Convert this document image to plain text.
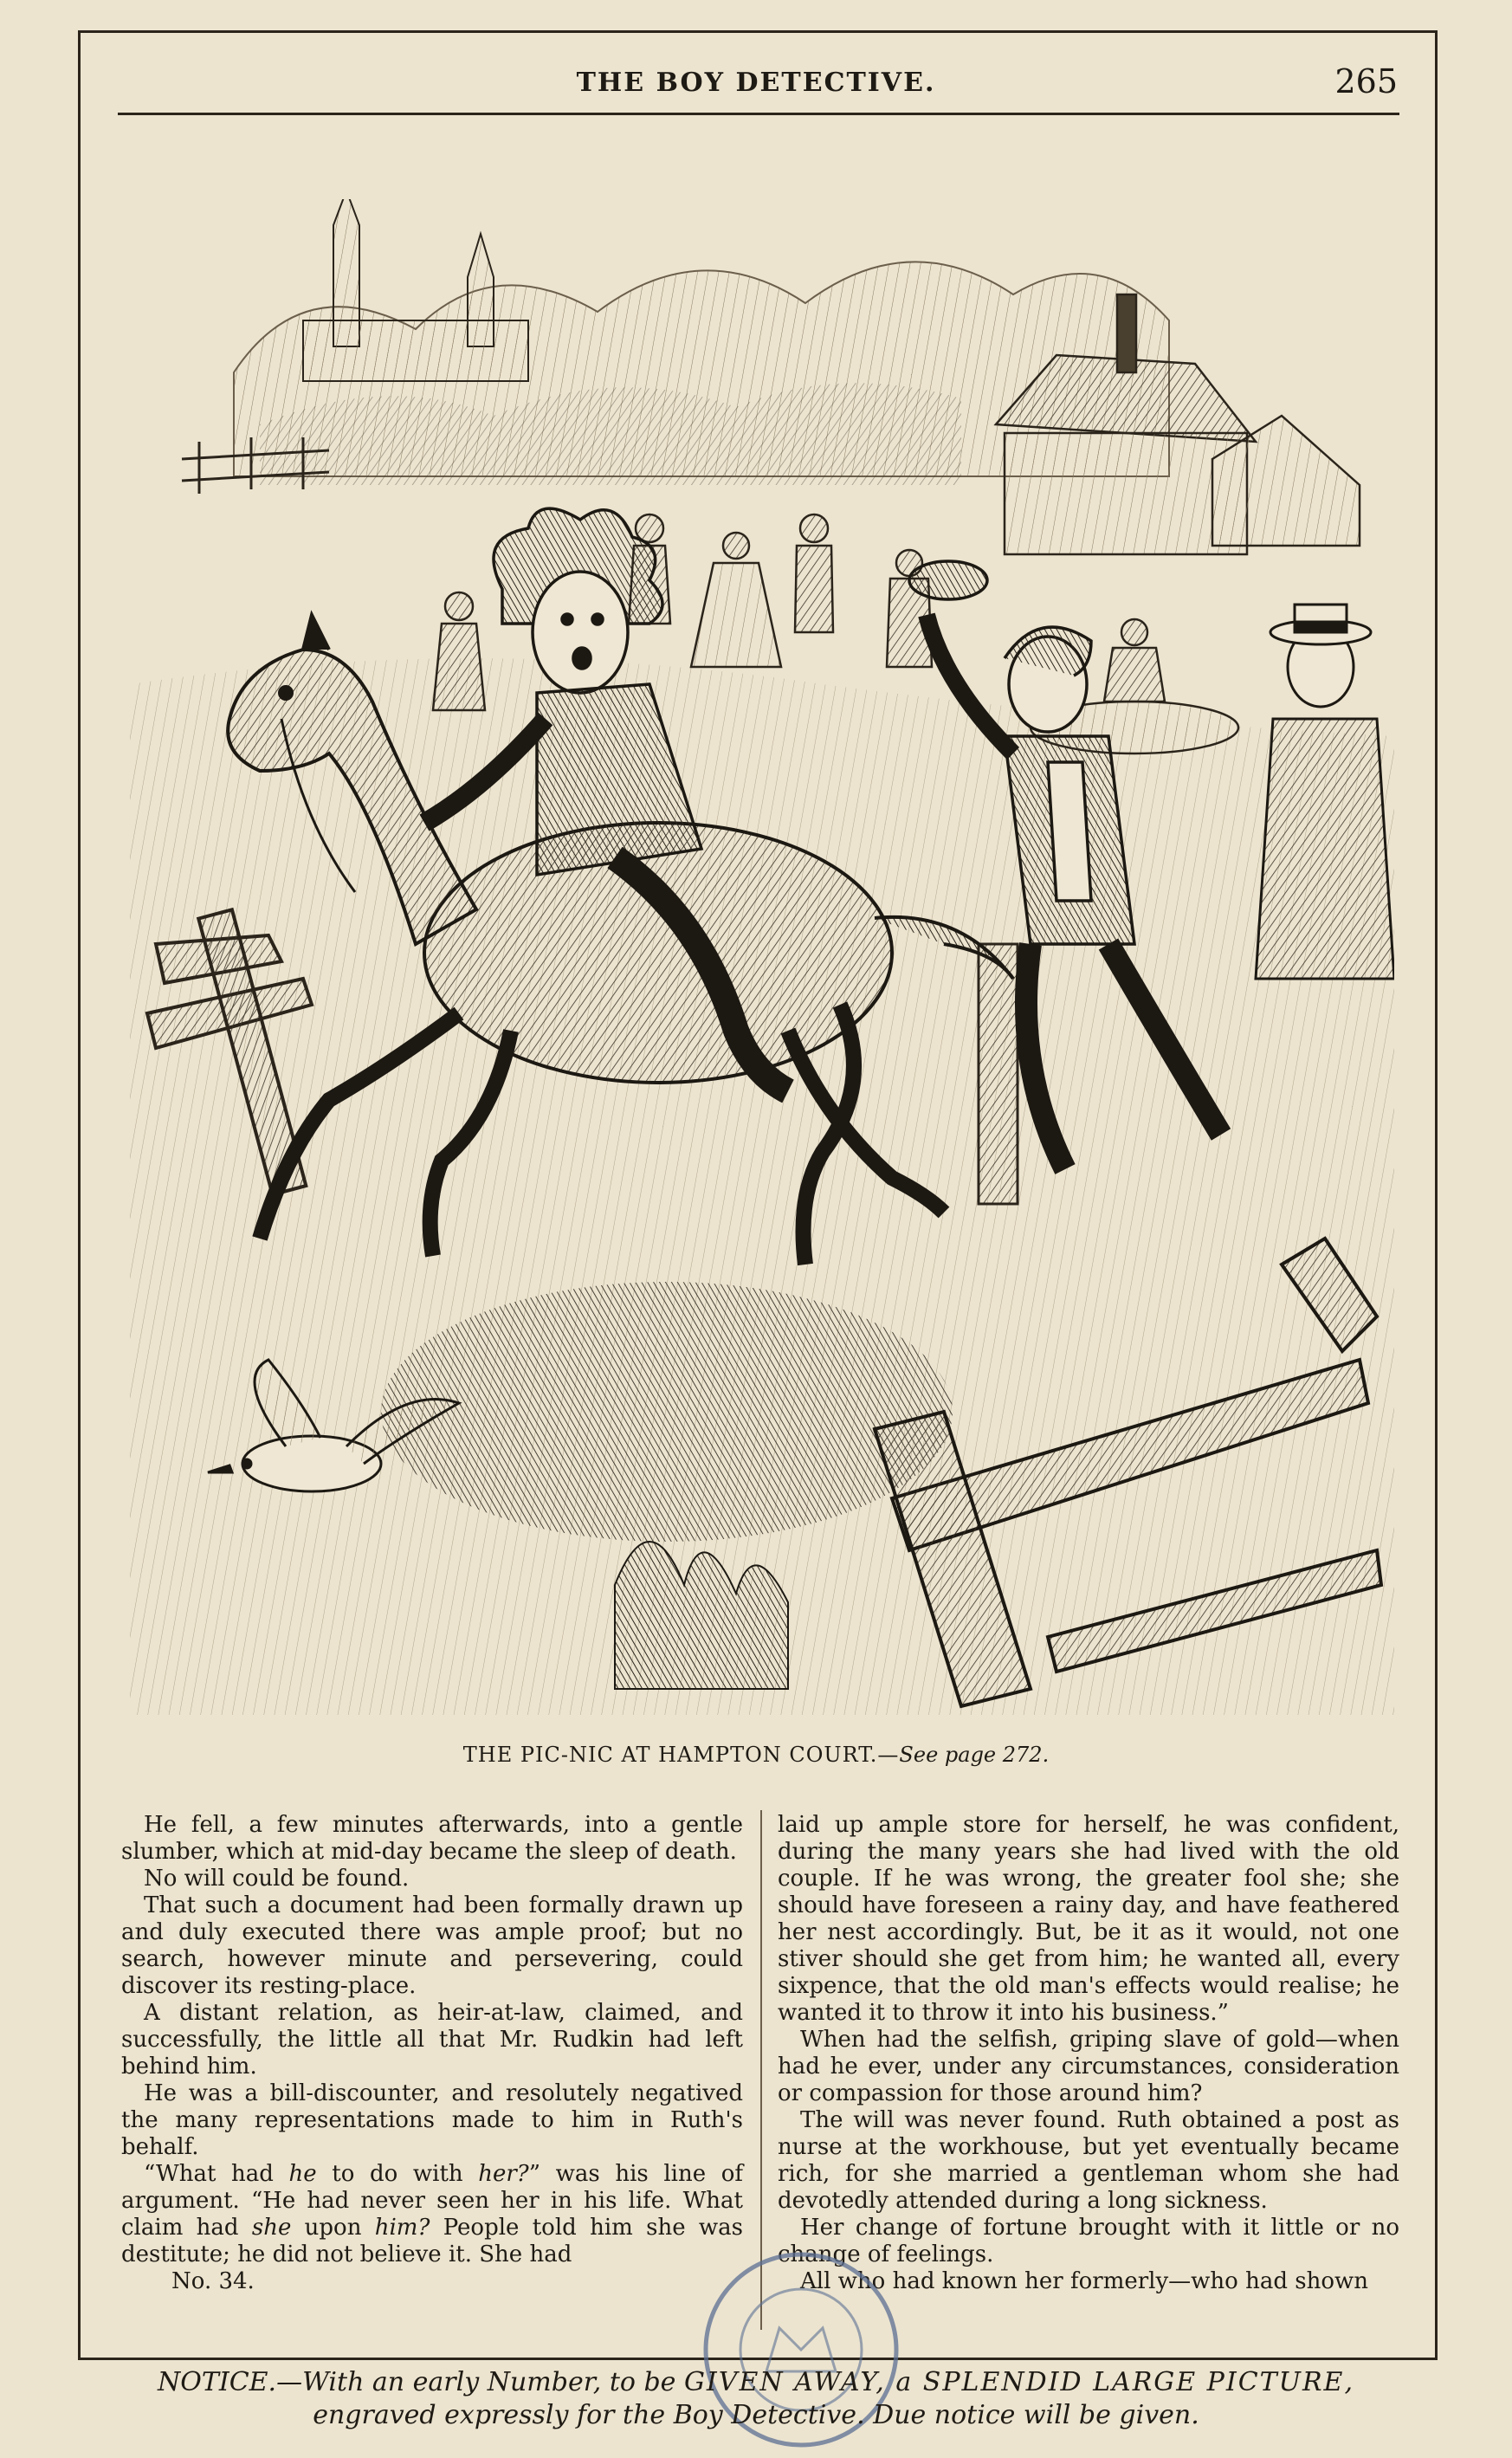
THE BOY DETECTIVE.	265
THE PIC-NIC AT HAMPTON COURT.—See page 272.

He fell, a few minutes afterwards, into a gentle slumber, which at mid-day became the sleep of death.

No will could be found.

That such a document had been formally drawn up and duly executed there was ample proof; but no search, however minute and persevering, could discover its resting-place.

A distant relation, as heir-at-law, claimed, and successfully, the little all that Mr. Rudkin had left behind him.

He was a bill-discounter, and resolutely negatived the many representations made to him in Ruth's behalf.

“What had he to do with her?” was his line of argument. “He had never seen her in his life. What claim had she upon him? People told him she was destitute; he did not believe it. She had

No. 34.

laid up ample store for herself, he was confident, during the many years she had lived with the old couple. If he was wrong, the greater fool she; she should have foreseen a rainy day, and have feathered her nest accordingly. But, be it as it would, not one stiver should she get from him; he wanted all, every sixpence, that the old man's effects would realise; he wanted it to throw it into his business.”

When had the selfish, griping slave of gold—when had he ever, under any circumstances, consideration or compassion for those around him?

The will was never found. Ruth obtained a post as nurse at the workhouse, but yet eventually became rich, for she married a gentleman whom she had devotedly attended during a long sickness.

Her change of fortune brought with it little or no change of feelings.

All who had known her formerly—who had shown

NOTICE.—With an early Number, to be GIVEN AWAY, a SPLENDID LARGE PICTURE,
engraved expressly for the Boy Detective. Due notice will be given.
